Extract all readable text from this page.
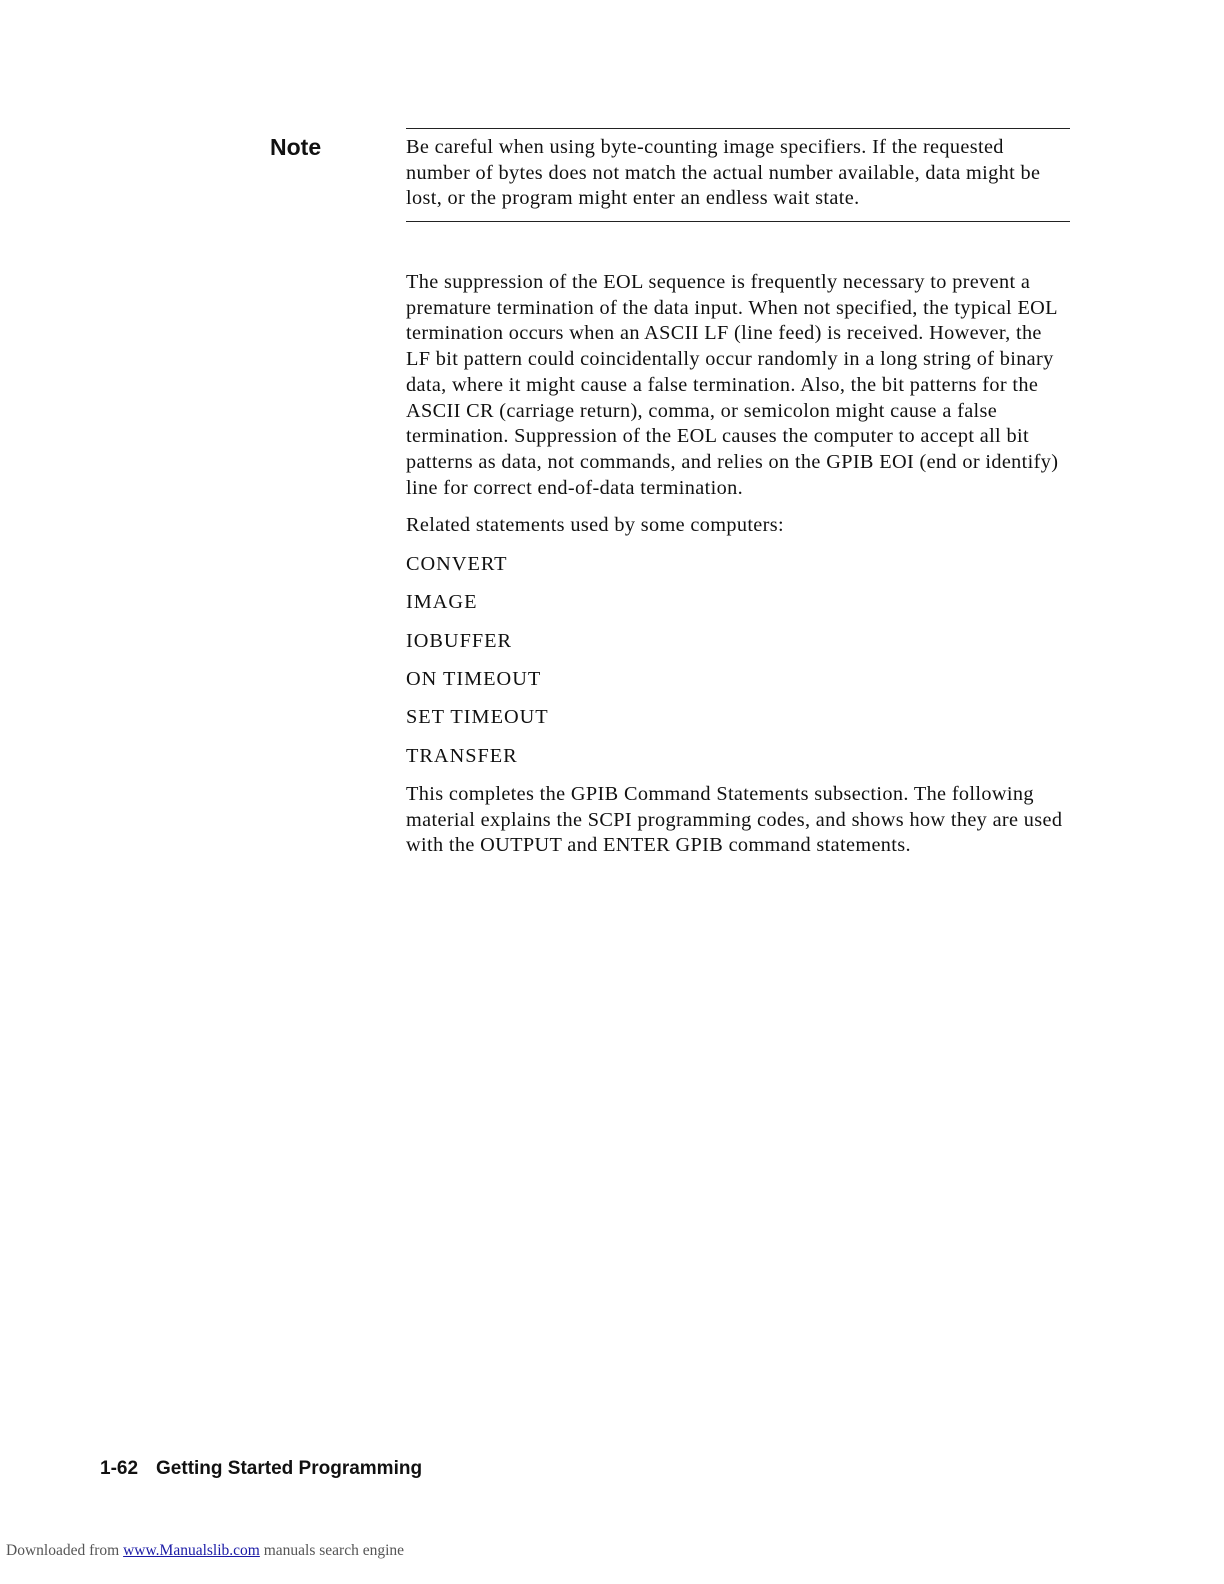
Note	Be careful when using byte-counting image specifiers. If the requested number of bytes does not match the actual number available, data might be lost, or the program might enter an endless wait state.

The suppression of the EOL sequence is frequently necessary to prevent a premature termination of the data input. When not specified, the typical EOL termination occurs when an ASCII LF (line feed) is received. However, the LF bit pattern could coincidentally occur randomly in a long string of binary data, where it might cause a false termination. Also, the bit patterns for the ASCII CR (carriage return), comma, or semicolon might cause a false termination. Suppression of the EOL causes the computer to accept all bit patterns as data, not commands, and relies on the GPIB EOI (end or identify) line for correct end-of-data termination.

Related statements used by some computers:

CONVERT
IMAGE
IOBUFFER
ON TIMEOUT
SET TIMEOUT
TRANSFER

This completes the GPIB Command Statements subsection. The following material explains the SCPI programming codes, and shows how they are used with the OUTPUT and ENTER GPIB command statements.

1-62 Getting Started Programming
Downloaded from www.Manualslib.com manuals search engine
